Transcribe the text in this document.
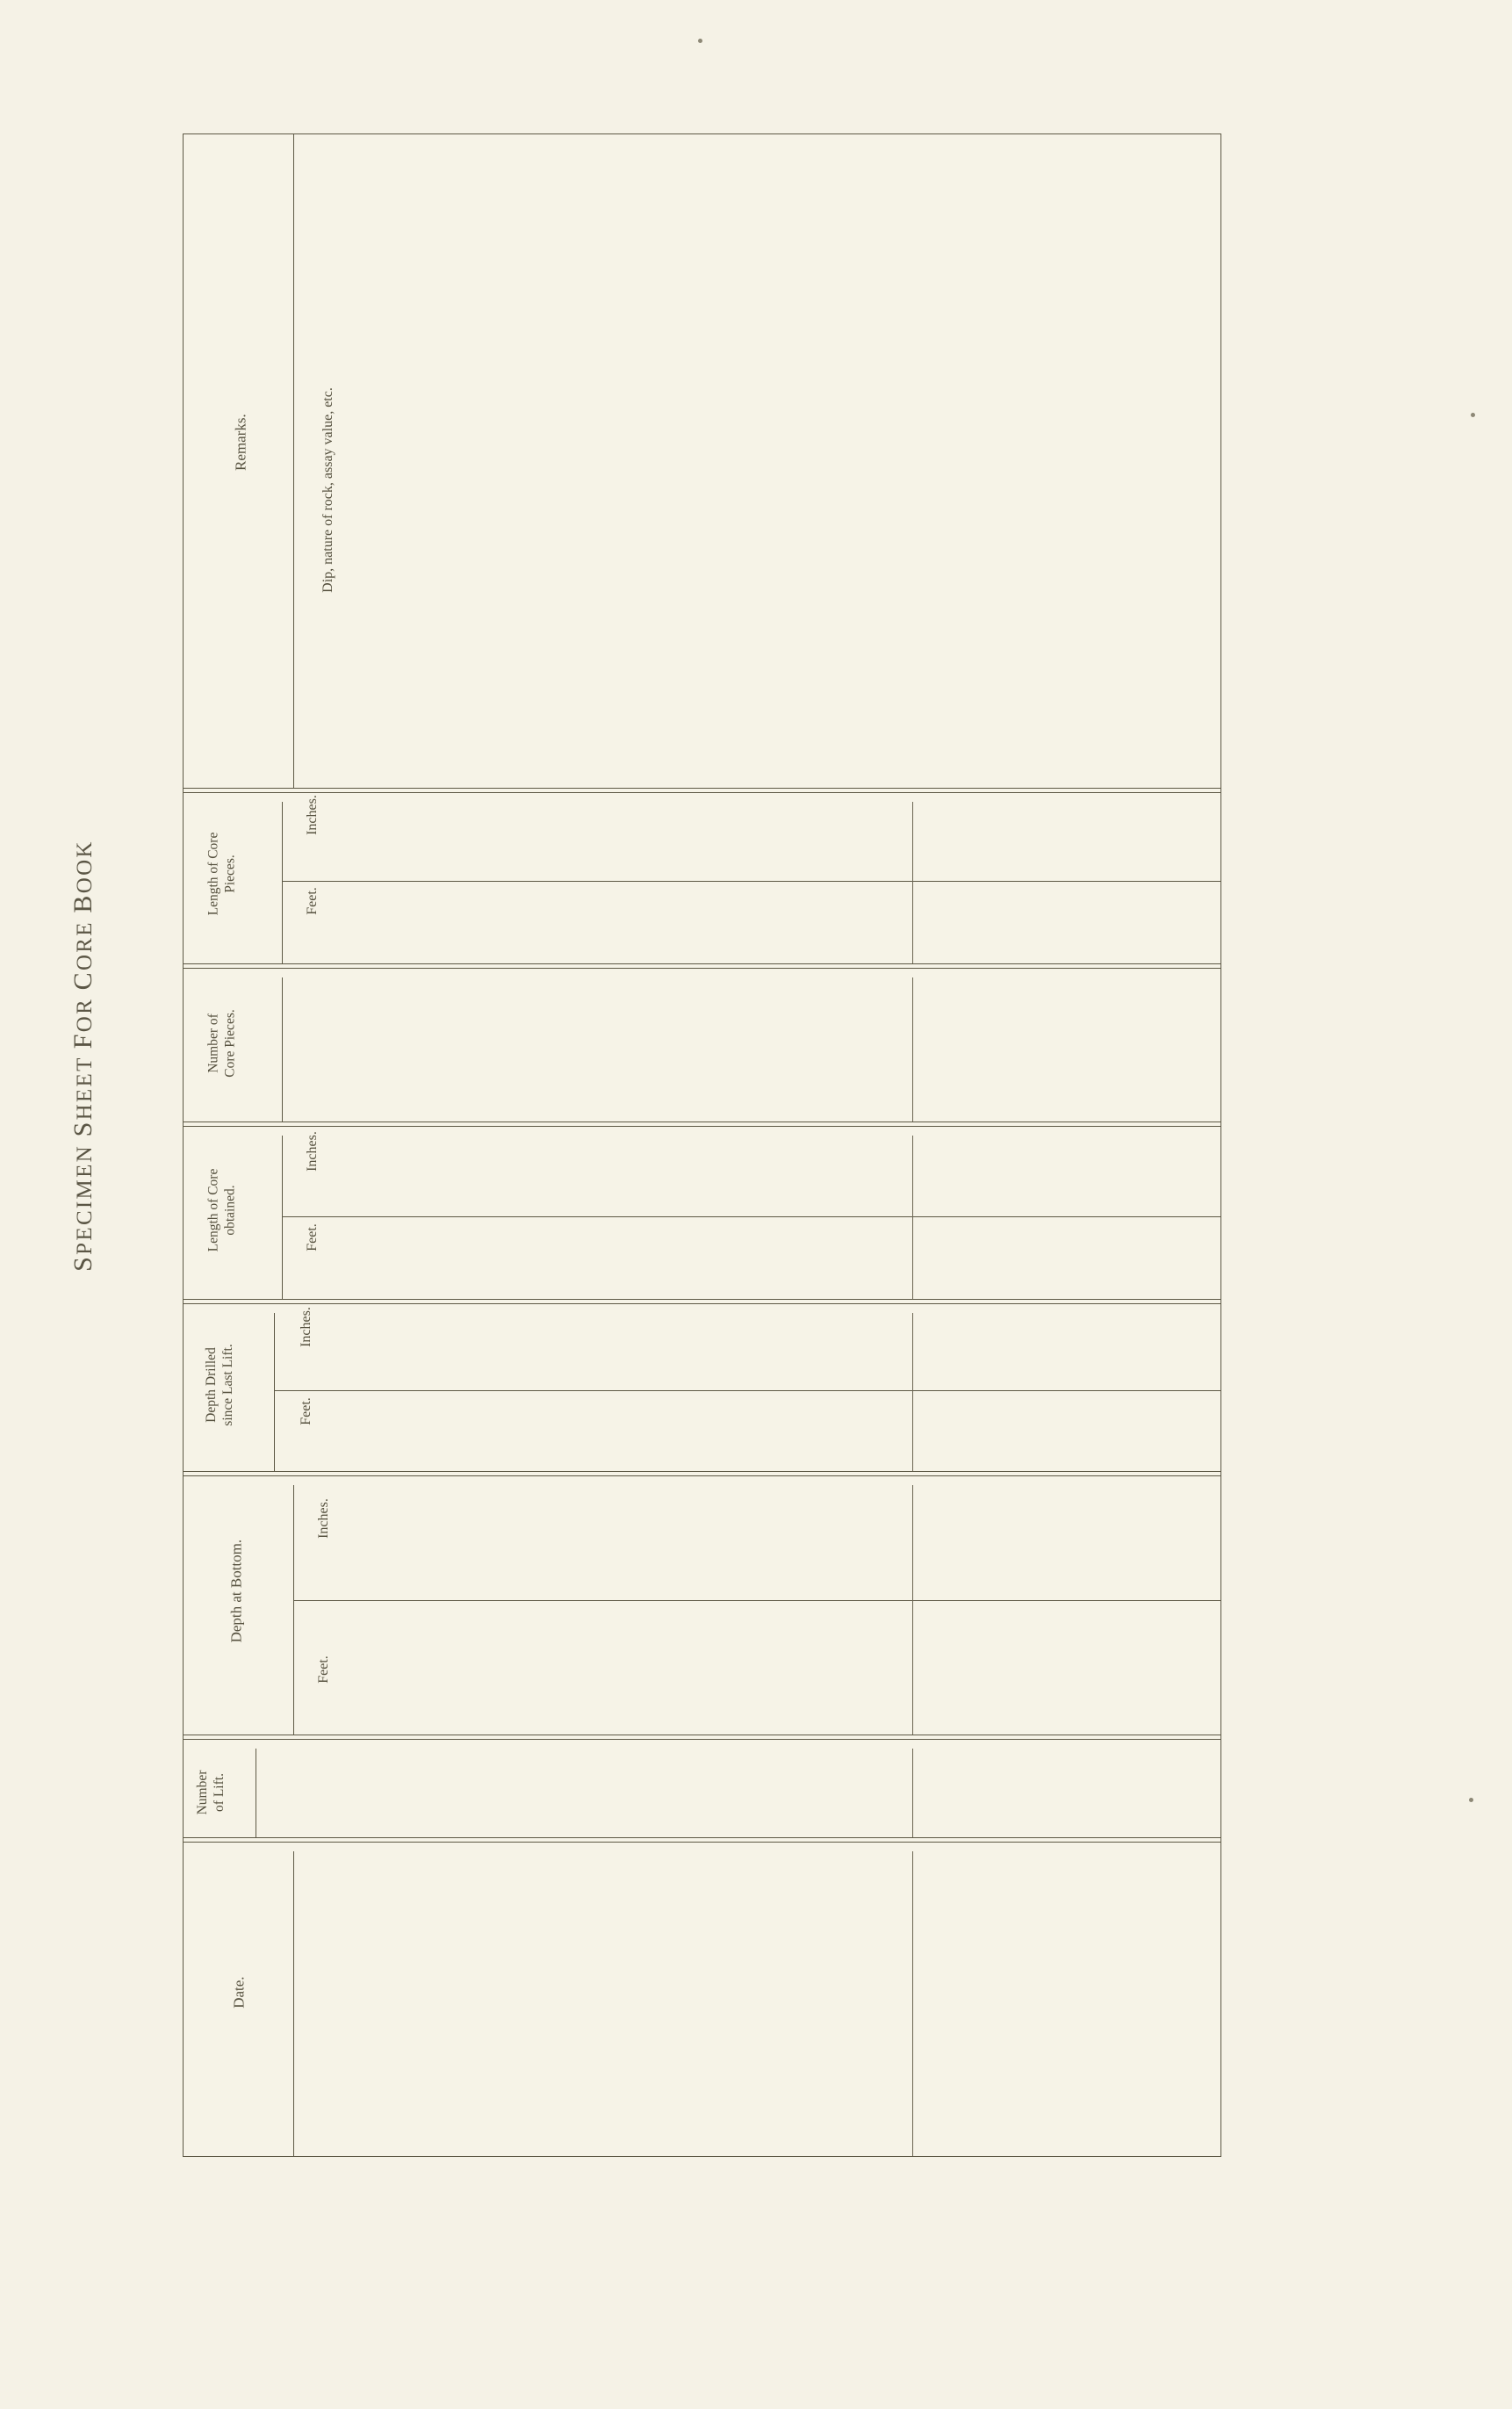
SPECIMEN SHEET FOR CORE BOOK
Date.
Number of Lift.
Depth at Bottom.
Inches.
Feet.
Depth Drilled since Last Lift.
Inches.
Feet.
Length of Core obtained.
Inches.
Feet.
Number of Core Pieces.
Length of Core Pieces.
Inches.
Feet.
Remarks.	Dip, nature of rock, assay value, etc.
